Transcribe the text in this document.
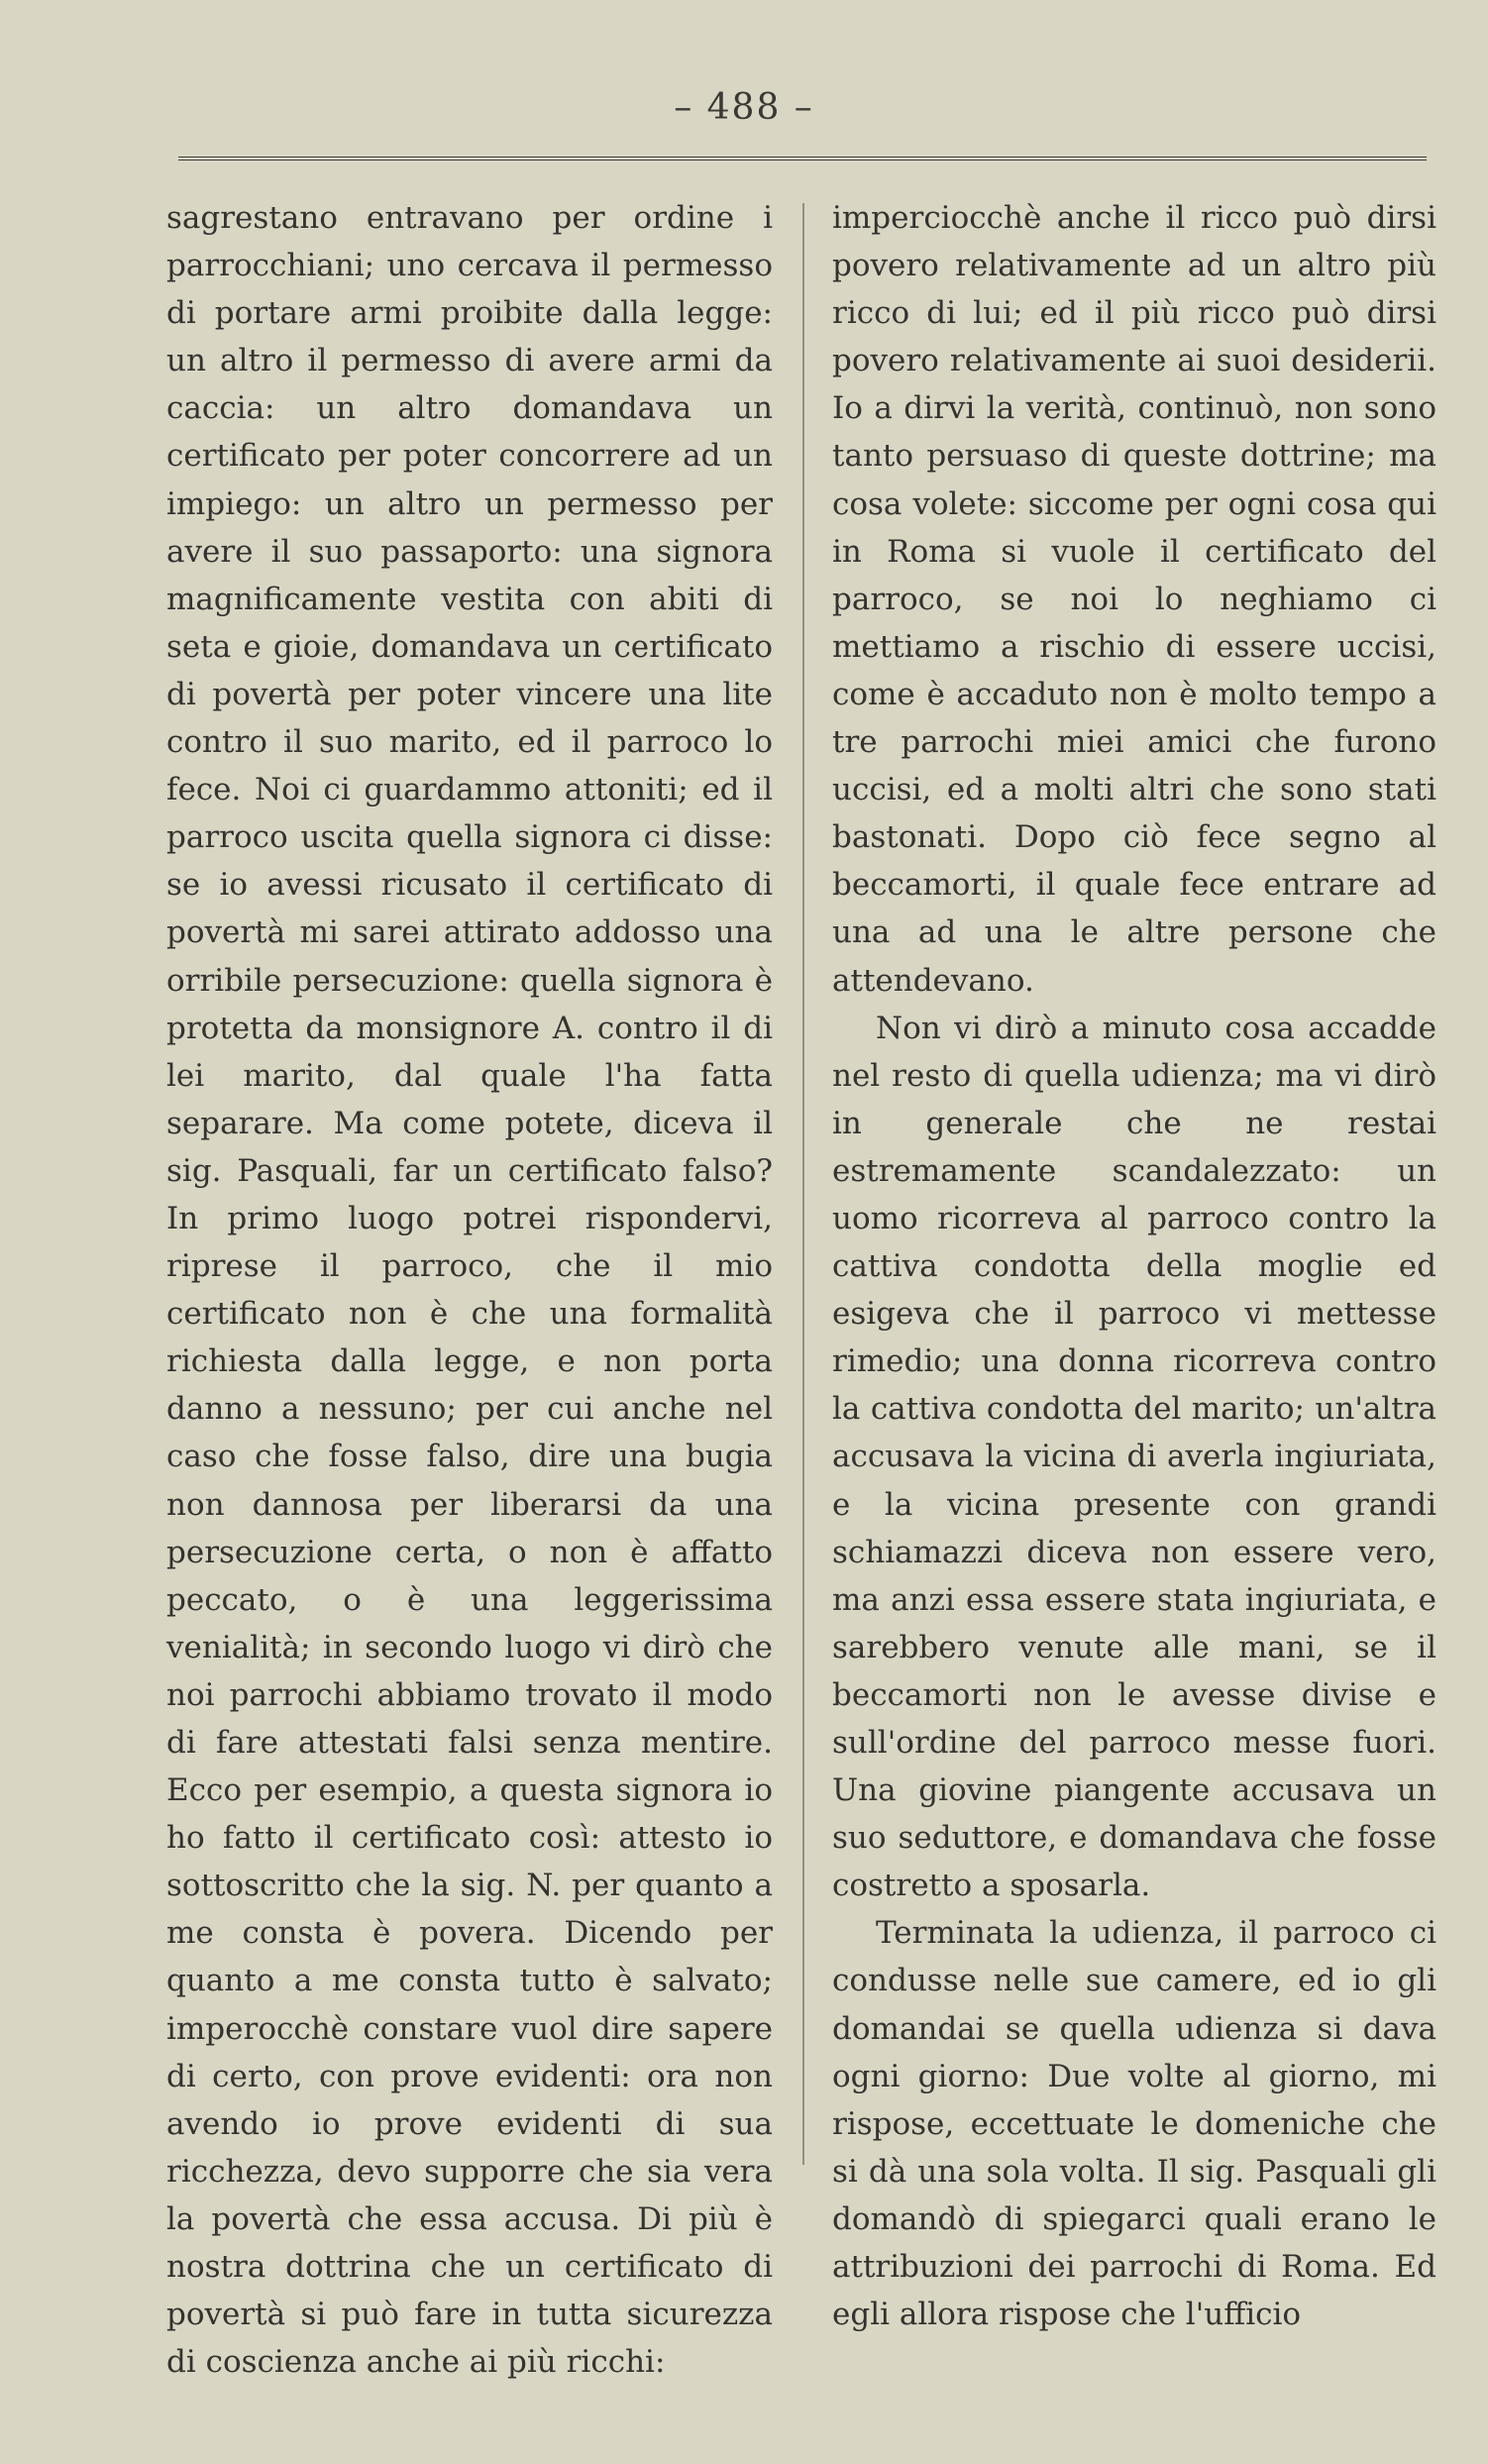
– 488 –

sagrestano entravano per ordine i parrocchiani; uno cercava il permesso di portare armi proibite dalla legge: un altro il permesso di avere armi da caccia: un altro domandava un certificato per poter concorrere ad un impiego: un altro un permesso per avere il suo passaporto: una signora magnificamente vestita con abiti di seta e gioie, domandava un certificato di povertà per poter vincere una lite contro il suo marito, ed il parroco lo fece. Noi ci guardammo attoniti; ed il parroco uscita quella signora ci disse: se io avessi ricusato il certificato di povertà mi sarei attirato addosso una orribile persecuzione: quella signora è protetta da monsignore A. contro il di lei marito, dal quale l'ha fatta separare. Ma come potete, diceva il sig. Pasquali, far un certificato falso? In primo luogo potrei rispondervi, riprese il parroco, che il mio certificato non è che una formalità richiesta dalla legge, e non porta danno a nessuno; per cui anche nel caso che fosse falso, dire una bugia non dannosa per liberarsi da una persecuzione certa, o non è affatto peccato, o è una leggerissima venialità; in secondo luogo vi dirò che noi parrochi abbiamo trovato il modo di fare attestati falsi senza mentire. Ecco per esempio, a questa signora io ho fatto il certificato così: attesto io sottoscritto che la sig. N. per quanto a me consta è povera. Dicendo per quanto a me consta tutto è salvato; imperocchè constare vuol dire sapere di certo, con prove evidenti: ora non avendo io prove evidenti di sua ricchezza, devo supporre che sia vera la povertà che essa accusa. Di più è nostra dottrina che un certificato di povertà si può fare in tutta sicurezza di coscienza anche ai più ricchi:

imperciocchè anche il ricco può dirsi povero relativamente ad un altro più ricco di lui; ed il più ricco può dirsi povero relativamente ai suoi desiderii. Io a dirvi la verità, continuò, non sono tanto persuaso di queste dottrine; ma cosa volete: siccome per ogni cosa qui in Roma si vuole il certificato del parroco, se noi lo neghiamo ci mettiamo a rischio di essere uccisi, come è accaduto non è molto tempo a tre parrochi miei amici che furono uccisi, ed a molti altri che sono stati bastonati. Dopo ciò fece segno al beccamorti, il quale fece entrare ad una ad una le altre persone che attendevano.

Non vi dirò a minuto cosa accadde nel resto di quella udienza; ma vi dirò in generale che ne restai estremamente scandalezzato: un uomo ricorreva al parroco contro la cattiva condotta della moglie ed esigeva che il parroco vi mettesse rimedio; una donna ricorreva contro la cattiva condotta del marito; un'altra accusava la vicina di averla ingiuriata, e la vicina presente con grandi schiamazzi diceva non essere vero, ma anzi essa essere stata ingiuriata, e sarebbero venute alle mani, se il beccamorti non le avesse divise e sull'ordine del parroco messe fuori. Una giovine piangente accusava un suo seduttore, e domandava che fosse costretto a sposarla.

Terminata la udienza, il parroco ci condusse nelle sue camere, ed io gli domandai se quella udienza si dava ogni giorno: Due volte al giorno, mi rispose, eccettuate le domeniche che si dà una sola volta. Il sig. Pasquali gli domandò di spiegarci quali erano le attribuzioni dei parrochi di Roma. Ed egli allora rispose che l'ufficio
